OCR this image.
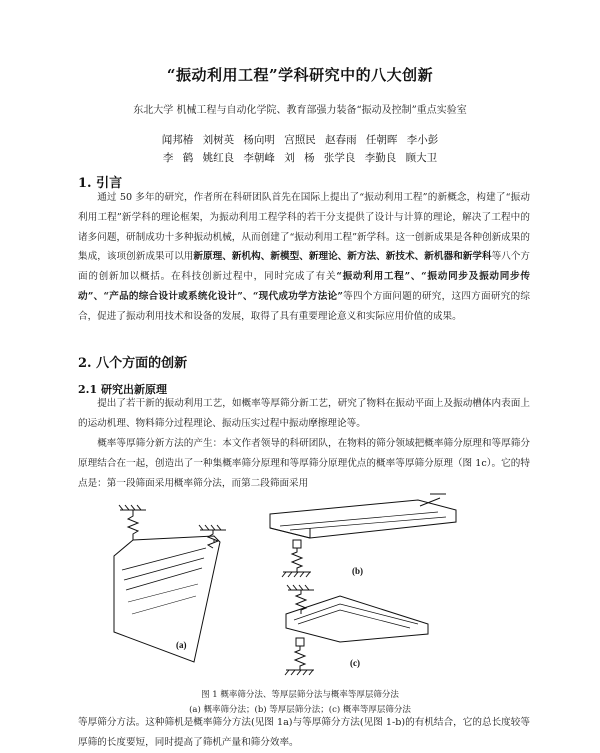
“振动利用工程”学科研究中的八大创新
东北大学 机械工程与自动化学院、教育部强力装备“振动及控制”重点实验室
闻邦椿 刘树英 杨向明 宫照民 赵春雨 任朝晖 李小彭
李 鹤 姚红良 李朝峰 刘 杨 张学良 李勤良 顾大卫
1. 引言
通过 50 多年的研究，作者所在科研团队首先在国际上提出了“振动利用工程”的新概念，构建了“振动利用工程”新学科的理论框架，为振动利用工程学科的若干分支提供了设计与计算的理论，解决了工程中的诸多问题，研制成功十多种振动机械，从而创建了“振动利用工程”新学科。这一创新成果是各种创新成果的集成，该项创新成果可以用新原理、新机构、新模型、新理论、新方法、新技术、新机器和新学科等八个方面的创新加以概括。在科技创新过程中，同时完成了有关“振动利用工程”、“振动同步及振动同步传动”、“产品的综合设计或系统化设计”、“现代成功学方法论”等四个方面问题的研究，这四方面研究的综合，促进了振动利用技术和设备的发展，取得了具有重要理论意义和实际应用价值的成果。
2. 八个方面的创新
2.1 研究出新原理
提出了若干新的振动利用工艺，如概率等厚筛分新工艺，研究了物料在振动平面上及振动槽体内表面上的运动机理、物料筛分过程理论、振动压实过程中振动摩擦理论等。
概率等厚筛分新方法的产生：本文作者领导的科研团队，在物料的筛分领域把概率筛分原理和等厚筛分原理结合在一起，创造出了一种集概率筛分原理和等厚筛分原理优点的概率等厚筛分原理（图 1c）。它的特点是：第一段筛面采用概率筛分法，而第二段筛面采用
(a)
(b)
(c)
图 1 概率筛分法、等厚层筛分法与概率等厚层筛分法
(a) 概率筛分法；(b) 等厚层筛分法；(c) 概率等厚层筛分法
等厚筛分方法。这种筛机是概率筛分方法(见图 1a)与等厚筛分方法(见图 1-b)的有机结合，它的总长度较等厚筛的长度要短，同时提高了筛机产量和筛分效率。
